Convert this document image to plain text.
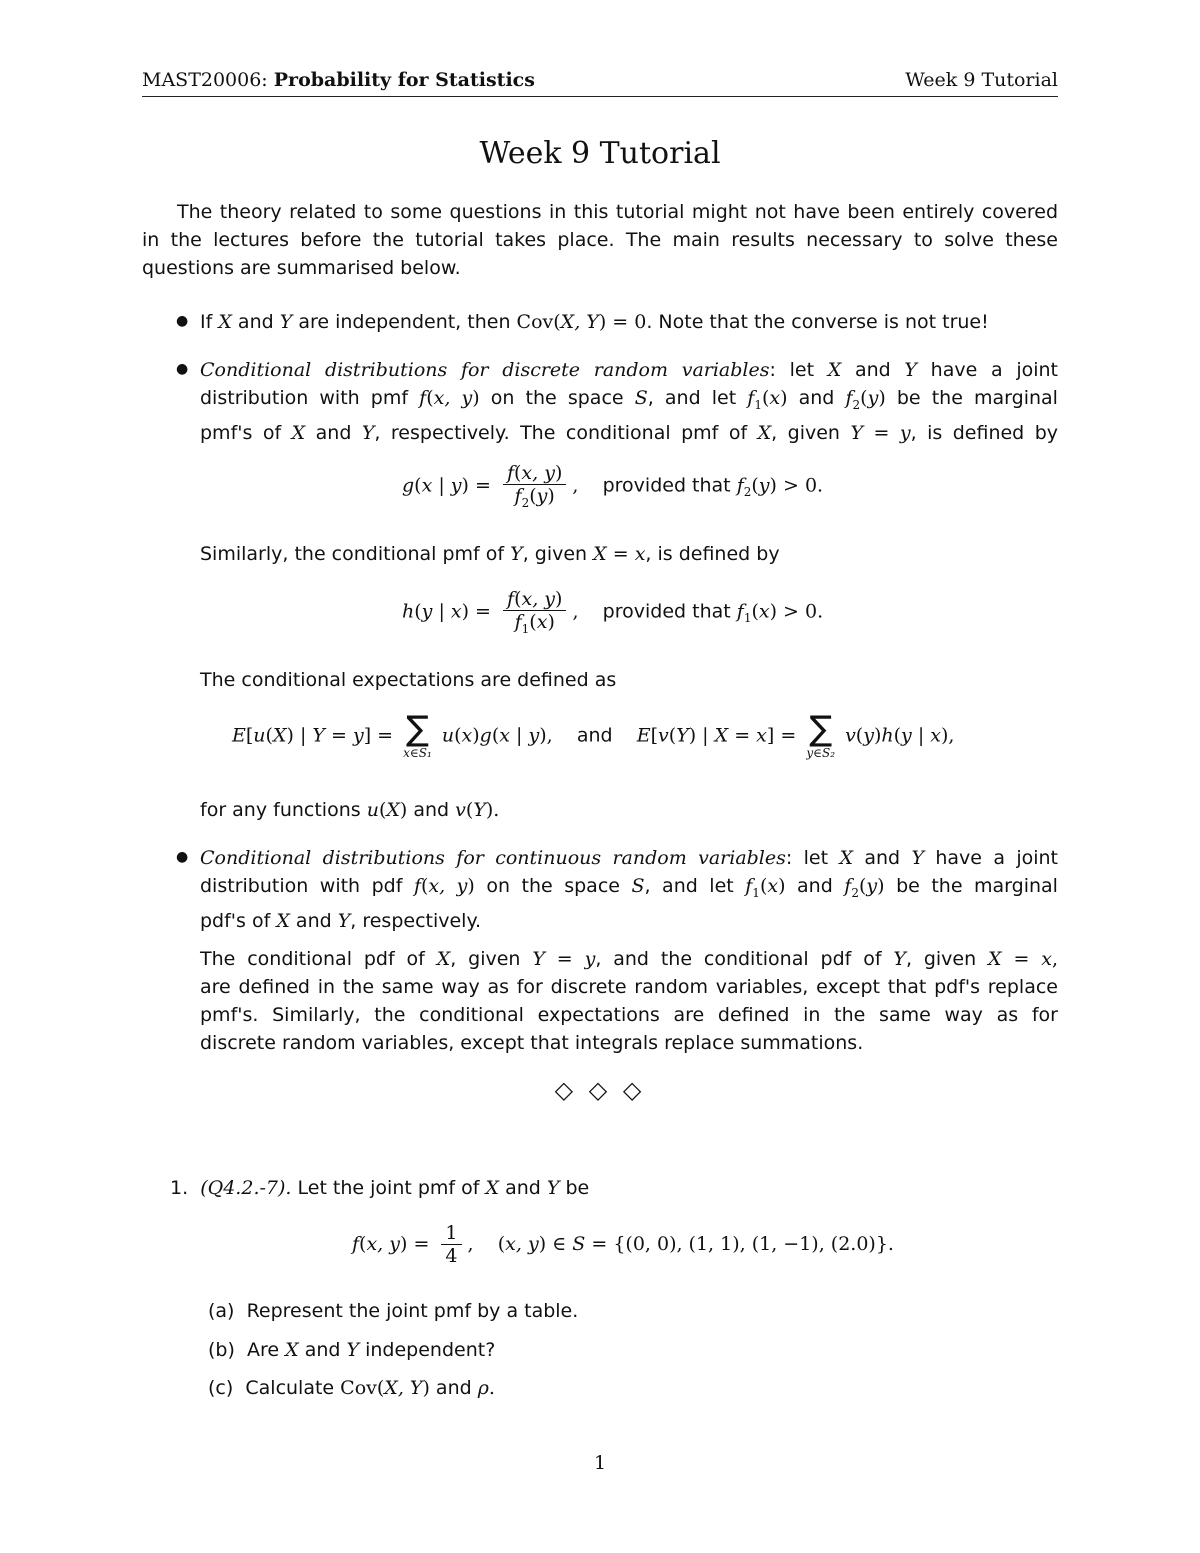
MAST20006: Probability for Statistics	Week 9 Tutorial
Week 9 Tutorial
The theory related to some questions in this tutorial might not have been entirely covered
in the lectures before the tutorial takes place. The main results necessary to solve these
questions are summarised below.
● If X and Y are independent, then Cov(X, Y) = 0. Note that the converse is not true!
● Conditional distributions for discrete random variables: let X and Y have a joint
distribution with pmf f(x, y) on the space S, and let $f_1(x)$ and $f_2(y)$ be the marginal
pmf's of X and Y, respectively. The conditional pmf of X, given Y = y, is defined by
g(x | $y) = \frac{f(x, y)}{f_2(y)}$ , provided that $f_2(y) > 0$.
Similarly, the conditional pmf of Y, given X = x, is defined by
h(y | $x) = \frac{f(x, y)}{f_1(x)}$ , provided that $f_1(x) > 0$.
The conditional expectations are defined as
E[u(X) | Y = y] = ∑
x∈S₁
u(x)g(x | y), and E[v(Y) | X = x] = ∑
y∈S₂
v(y)h(y | x),
for any functions u(X) and v(Y).
● Conditional distributions for continuous random variables: let X and Y have a joint
distribution with pdf f(x, y) on the space S, and let $f_1(x)$ and $f_2(y)$ be the marginal
pdf's of X and Y, respectively.
The conditional pdf of X, given Y = y, and the conditional pdf of Y, given X = x,
are defined in the same way as for discrete random variables, except that pdf's replace
pmf's. Similarly, the conditional expectations are defined in the same way as for
discrete random variables, except that integrals replace summations.
◇ ◇ ◇
1. (Q4.2.-7). Let the joint pmf of X and Y be
f(x, $y) = \frac{1}{4}$ , (x, y) ∈ S = {(0, 0), (1, 1), (1, −1), (2.0)}.
(a) Represent the joint pmf by a table.
(b) Are X and Y independent?
(c) Calculate Cov(X, Y) and ρ.
1
